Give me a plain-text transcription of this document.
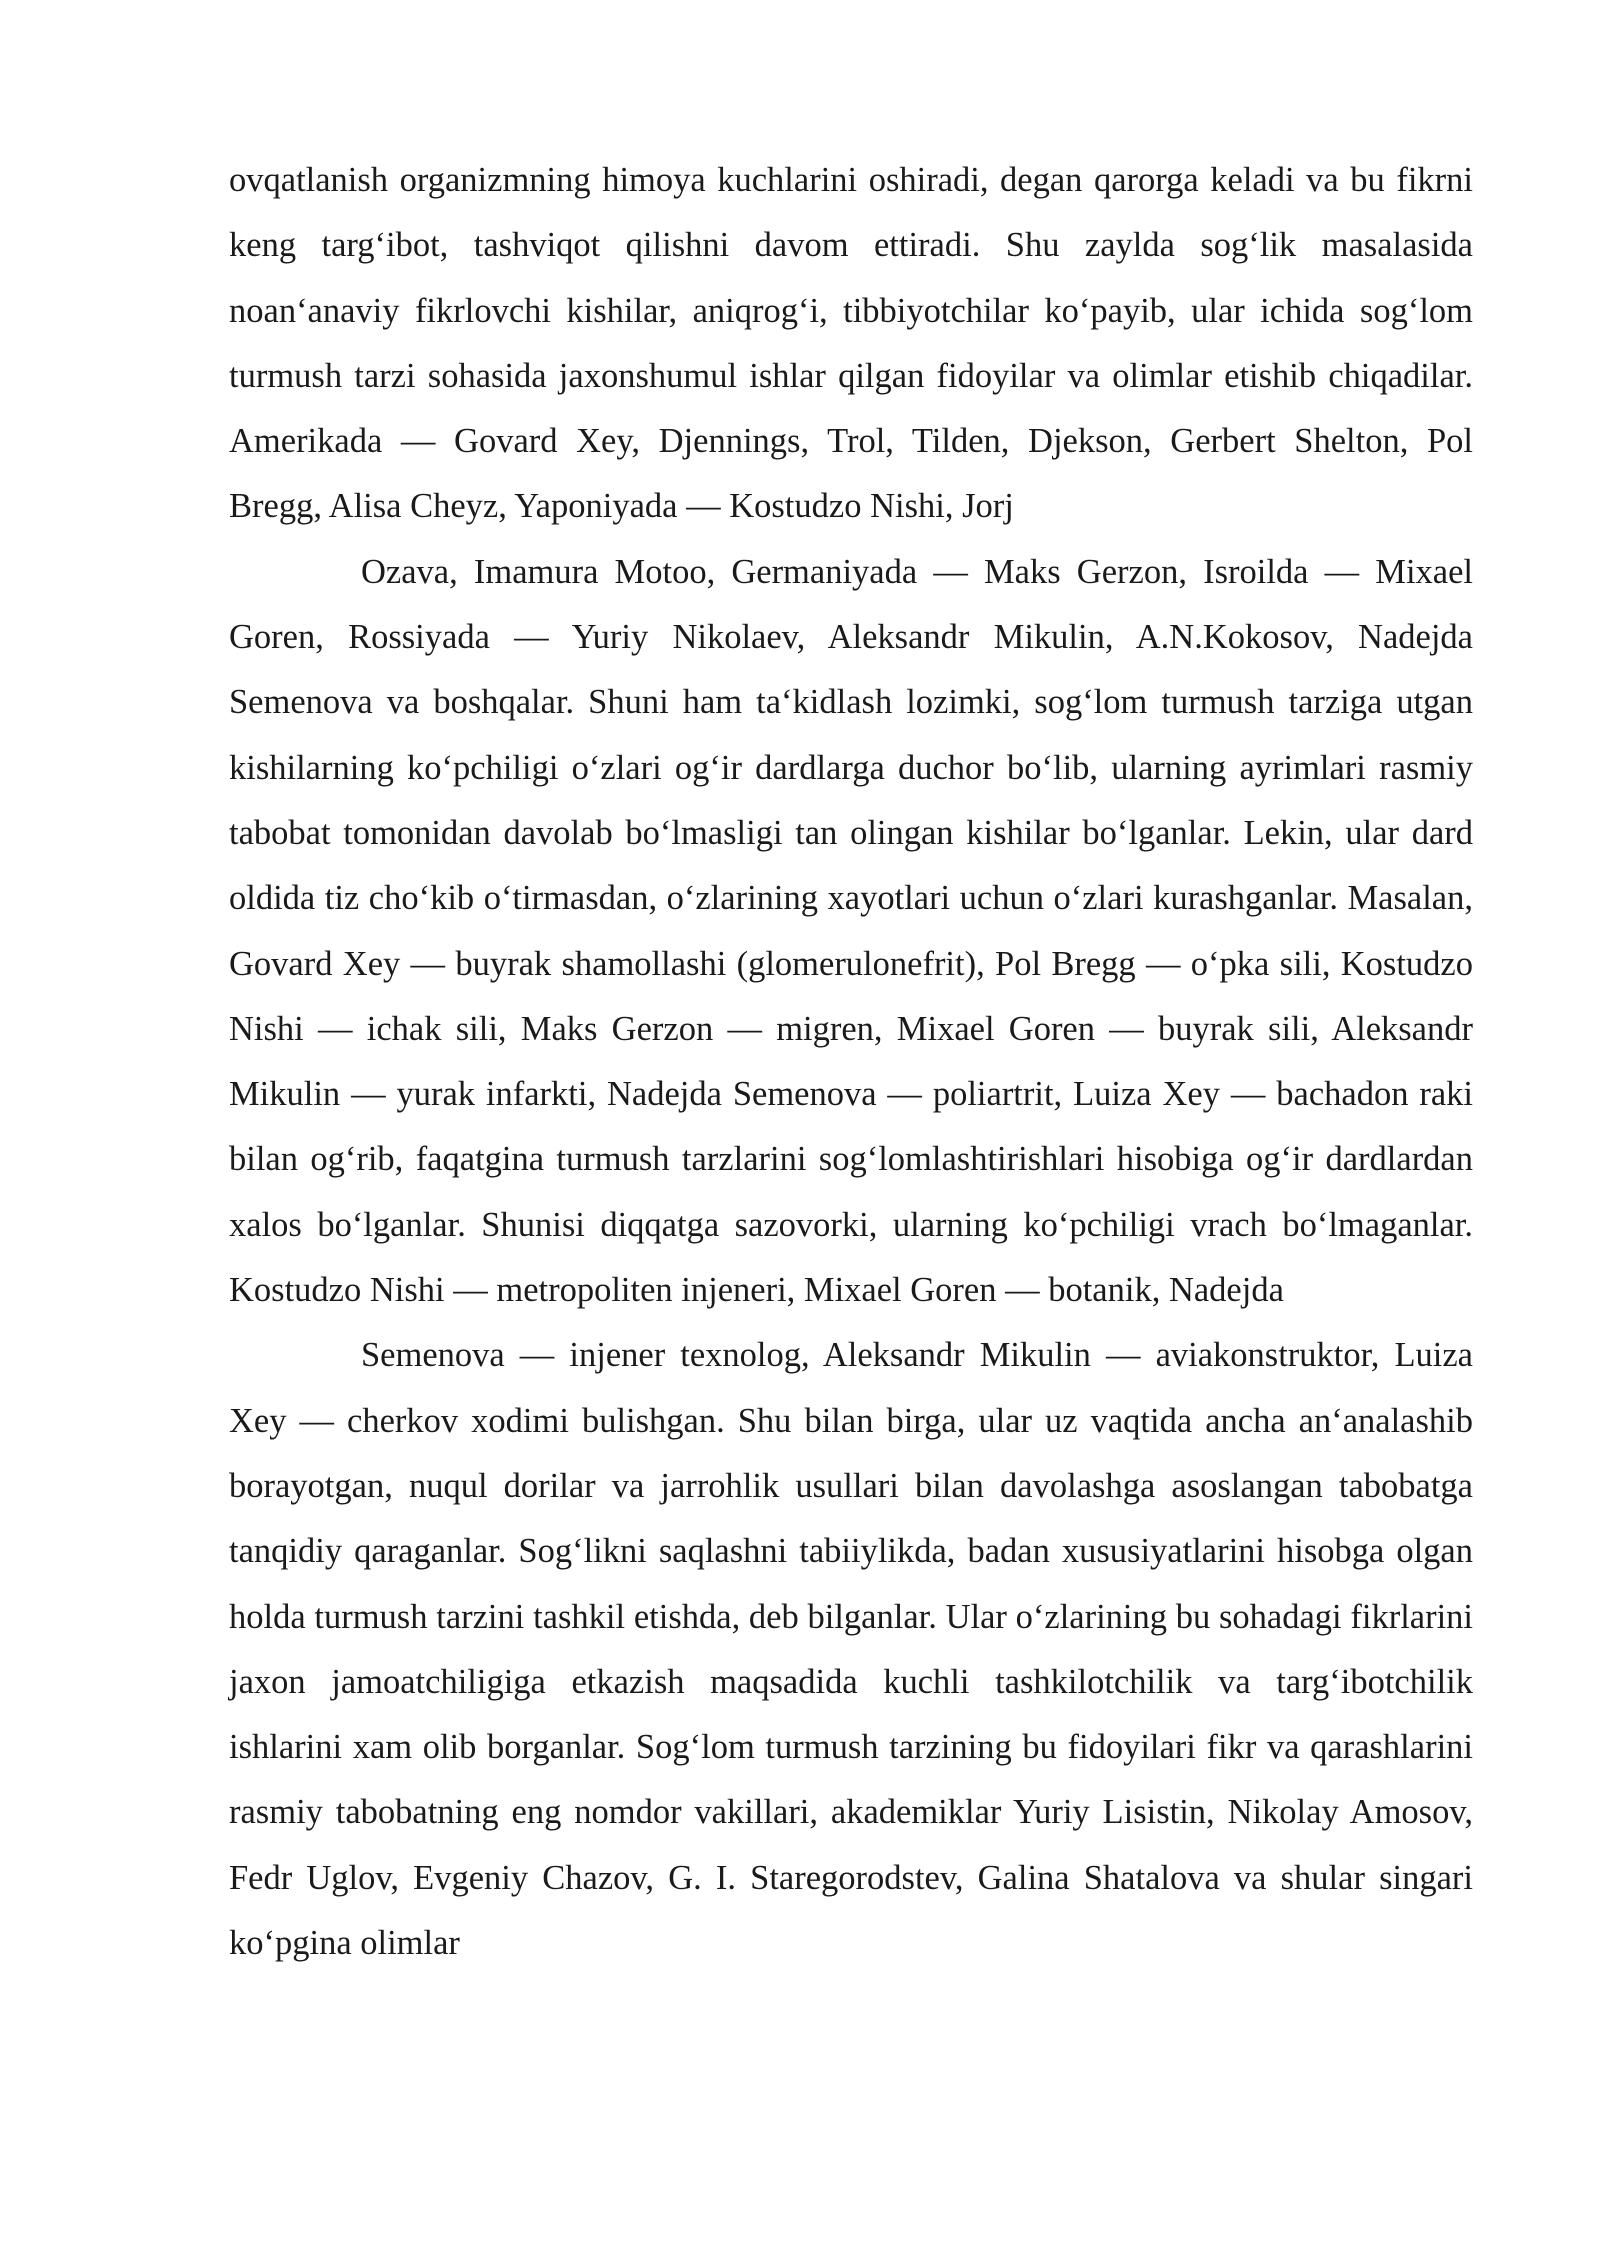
ovqatlanish organizmning himoya kuchlarini oshiradi, degan qarorga keladi va bu fikrni keng targ‘ibot, tashviqot qilishni davom ettiradi. Shu zaylda sog‘lik masalasida noan‘anaviy fikrlovchi kishilar, aniqrog‘i, tibbiyotchilar ko‘payib, ular ichida sog‘lom turmush tarzi sohasida jaxonshumul ishlar qilgan fidoyilar va olimlar etishib chiqadilar. Amerikada — Govard Xey, Djennings, Trol, Tilden, Djekson, Gerbert Shelton, Pol Bregg, Alisa Cheyz, Yaponiyada — Kostudzo Nishi, Jorj

Ozava, Imamura Motoo, Germaniyada — Maks Gerzon, Isroilda — Mixael Goren, Rossiyada — Yuriy Nikolaev, Aleksandr Mikulin, A.N.Kokosov, Nadejda Semenova va boshqalar. Shuni ham ta‘kidlash lozimki, sog‘lom turmush tarziga utgan kishilarning ko‘pchiligi o‘zlari og‘ir dardlarga duchor bo‘lib, ularning ayrimlari rasmiy tabobat tomonidan davolab bo‘lmasligi tan olingan kishilar bo‘lganlar. Lekin, ular dard oldida tiz cho‘kib o‘tirmasdan, o‘zlarining xayotlari uchun o‘zlari kurashganlar. Masalan, Govard Xey — buyrak shamollashi (glomerulonefrit), Pol Bregg — o‘pka sili, Kostudzo Nishi — ichak sili, Maks Gerzon — migren, Mixael Goren — buyrak sili, Aleksandr Mikulin — yurak infarkti, Nadejda Semenova — poliartrit, Luiza Xey — bachadon raki bilan og‘rib, faqatgina turmush tarzlarini sog‘lomlashtirishlari hisobiga og‘ir dardlardan xalos bo‘lganlar. Shunisi diqqatga sazovorki, ularning ko‘pchiligi vrach bo‘lmaganlar. Kostudzo Nishi — metropoliten injeneri, Mixael Goren — botanik, Nadejda

Semenova — injener texnolog, Aleksandr Mikulin — aviakonstruktor, Luiza Xey — cherkov xodimi bulishgan. Shu bilan birga, ular uz vaqtida ancha an‘analashib borayotgan, nuqul dorilar va jarrohlik usullari bilan davolashga asoslangan tabobatga tanqidiy qaraganlar. Sog‘likni saqlashni tabiiylikda, badan xususiyatlarini hisobga olgan holda turmush tarzini tashkil etishda, deb bilganlar. Ular o‘zlarining bu sohadagi fikrlarini jaxon jamoatchiligiga etkazish maqsadida kuchli tashkilotchilik va targ‘ibotchilik ishlarini xam olib borganlar. Sog‘lom turmush tarzining bu fidoyilari fikr va qarashlarini rasmiy tabobatning eng nomdor vakillari, akademiklar Yuriy Lisistin, Nikolay Amosov, Fedr Uglov, Evgeniy Chazov, G. I. Staregorodstev, Galina Shatalova va shular singari ko‘pgina olimlar
